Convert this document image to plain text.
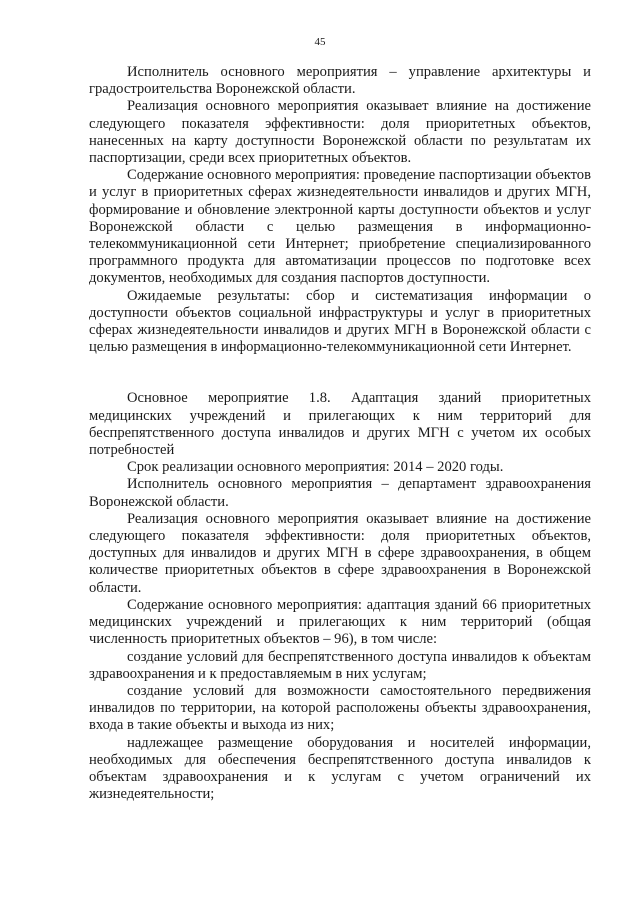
45

Исполнитель основного мероприятия – управление архитектуры и градостроительства Воронежской области.

Реализация основного мероприятия оказывает влияние на достижение следующего показателя эффективности: доля приоритетных объектов, нанесенных на карту доступности Воронежской области по результатам их паспортизации, среди всех приоритетных объектов.

Содержание основного мероприятия: проведение паспортизации объектов и услуг в приоритетных сферах жизнедеятельности инвалидов и других МГН, формирование и обновление электронной карты доступности объектов и услуг Воронежской области с целью размещения в информационно-телекоммуникационной сети Интернет; приобретение специализированного программного продукта для автоматизации процессов по подготовке всех документов, необходимых для создания паспортов доступности.

Ожидаемые результаты: сбор и систематизация информации о доступности объектов социальной инфраструктуры и услуг в приоритетных сферах жизнедеятельности инвалидов и других МГН в Воронежской области с целью размещения в информационно-телекоммуникационной сети Интернет.

Основное мероприятие 1.8. Адаптация зданий приоритетных медицинских учреждений и прилегающих к ним территорий для беспрепятственного доступа инвалидов и других МГН с учетом их особых потребностей

Срок реализации основного мероприятия: 2014 – 2020 годы.

Исполнитель основного мероприятия – департамент здравоохранения Воронежской области.

Реализация основного мероприятия оказывает влияние на достижение следующего показателя эффективности: доля приоритетных объектов, доступных для инвалидов и других МГН в сфере здравоохранения, в общем количестве приоритетных объектов в сфере здравоохранения в Воронежской области.

Содержание основного мероприятия: адаптация зданий 66 приоритетных медицинских учреждений и прилегающих к ним территорий (общая численность приоритетных объектов – 96), в том числе:

создание условий для беспрепятственного доступа инвалидов к объектам здравоохранения и к предоставляемым в них услугам;

создание условий для возможности самостоятельного передвижения инвалидов по территории, на которой расположены объекты здравоохранения, входа в такие объекты и выхода из них;

надлежащее размещение оборудования и носителей информации, необходимых для обеспечения беспрепятственного доступа инвалидов к объектам здравоохранения и к услугам с учетом ограничений их жизнедеятельности;
